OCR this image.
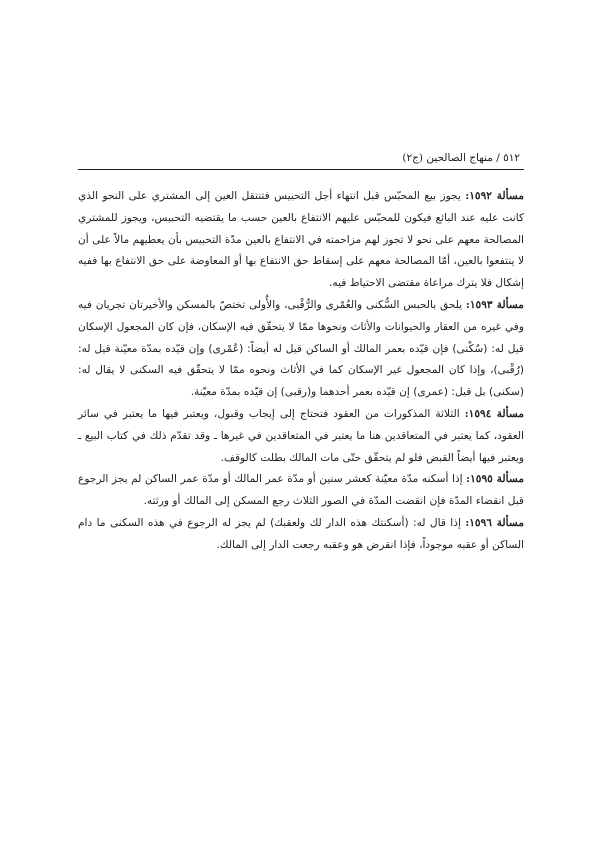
٥١٢ / منهاج الصالحين (ج٢)

مسألة ١٥٩٢: يجوز بيع المحبّس قبل انتهاء أجل التحبيس فتنتقل العين إلى المشتري على النحو الذي كانت عليه عند البائع فيكون للمحبّس عليهم الانتفاع بالعين حسب ما يقتضيه التحبيس، ويجوز للمشتري المصالحة معهم على نحو لا تجوز لهم مزاحمته في الانتفاع بالعين مدّة التحبيس بأن يعطيهم مالاً على أن لا ينتفعوا بالعين، أمّا المصالحة معهم على إسقاط حق الانتفاع بها أو المعاوضة على حق الانتفاع بها ففيه إشكال فلا يترك مراعاة مقتضى الاحتياط فيه.

مسألة ١٥٩٣: يلحق بالحبس السُّكنى والعُمْرى والرُّقْبى، والأُولى تختصّ بالمسكن والأخيرتان تجريان فيه وفي غيره من العقار والحيوانات والأثاث ونحوها ممّا لا يتحقّق فيه الإسكان، فإن كان المجعول الإسكان قيل له: (سُكْنى) فإن قيّده بعمر المالك أو الساكن قيل له أيضاً: (عُمْرى) وإن قيّده بمدّة معيّنة قيل له: (رُقْبى)، وإذا كان المجعول غير الإسكان كما في الأثاث ونحوه ممّا لا يتحقّق فيه السكنى لا يقال له: (سكنى) بل قيل: (عمرى) إن قيّده بعمر أحدهما و(رقبى) إن قيّده بمدّة معيّنة.

مسألة ١٥٩٤: الثلاثة المذكورات من العقود فتحتاج إلى إيجاب وقبول، ويعتبر فيها ما يعتبر في سائر العقود، كما يعتبر في المتعاقدين هنا ما يعتبر في المتعاقدين في غيرها ـ وقد تقدّم ذلك في كتاب البيع ـ ويعتبر فيها أيضاً القبض فلو لم يتحقّق حتّى مات المالك بطلت كالوقف.

مسألة ١٥٩٥: إذا أسكنه مدّة معيّنة كعشر سنين أو مدّة عمر المالك أو مدّة عمر الساكن لم يجز الرجوع قبل انقضاء المدّة فإن انقضت المدّة في الصور الثلاث رجع المسكن إلى المالك أو ورثته.

مسألة ١٥٩٦: إذا قال له: (أسكنتك هذه الدار لك ولعقبك) لم يجز له الرجوع في هذه السكنى ما دام الساكن أو عقبه موجوداً، فإذا انقرض هو وعقبه رجعت الدار إلى المالك.
